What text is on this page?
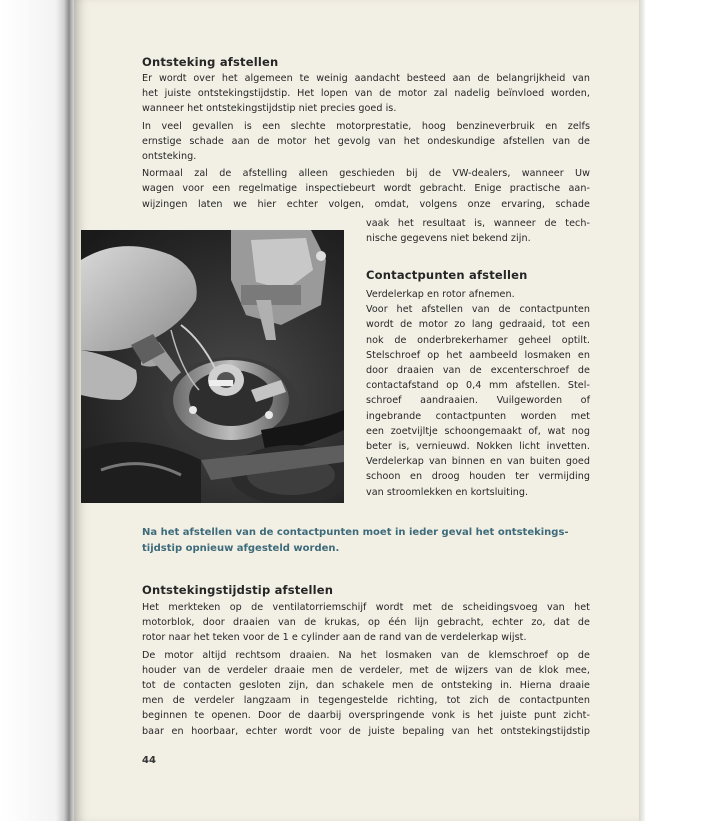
Ontsteking afstellen

Er wordt over het algemeen te weinig aandacht besteed aan de belangrijkheid van
het juiste ontstekingstijdstip. Het lopen van de motor zal nadelig beïnvloed worden,
wanneer het ontstekingstijdstip niet precies goed is.

In veel gevallen is een slechte motorprestatie, hoog benzineverbruik en zelfs
ernstige schade aan de motor het gevolg van het ondeskundige afstellen van de
ontsteking.

Normaal zal de afstelling alleen geschieden bij de VW-dealers, wanneer Uw
wagen voor een regelmatige inspectiebeurt wordt gebracht. Enige practische aan-
wijzingen laten we hier echter volgen, omdat, volgens onze ervaring, schade

vaak het resultaat is, wanneer de tech-
nische gegevens niet bekend zijn.
Contactpunten afstellen
Verdelerkap en rotor afnemen.
Voor het afstellen van de contactpunten
wordt de motor zo lang gedraaid, tot een
nok de onderbrekerhamer geheel optilt.
Stelschroef op het aambeeld losmaken en
door draaien van de excenterschroef de
contactafstand op 0,4 mm afstellen. Stel-
schroef aandraaien. Vuilgeworden of
ingebrande contactpunten worden met
een zoetvijltje schoongemaakt of, wat nog
beter is, vernieuwd. Nokken licht invetten.
Verdelerkap van binnen en van buiten goed
schoon en droog houden ter vermijding
van stroomlekken en kortsluiting.
Na het afstellen van de contactpunten moet in ieder geval het ontstekings-
tijdstip opnieuw afgesteld worden.
Ontstekingstijdstip afstellen

Het merkteken op de ventilatorriemschijf wordt met de scheidingsvoeg van het
motorblok, door draaien van de krukas, op één lijn gebracht, echter zo, dat de
rotor naar het teken voor de 1 e cylinder aan de rand van de verdelerkap wijst.

De motor altijd rechtsom draaien. Na het losmaken van de klemschroef op de
houder van de verdeler draaie men de verdeler, met de wijzers van de klok mee,
tot de contacten gesloten zijn, dan schakele men de ontsteking in. Hierna draaie
men de verdeler langzaam in tegengestelde richting, tot zich de contactpunten
beginnen te openen. Door de daarbij overspringende vonk is het juiste punt zicht-
baar en hoorbaar, echter wordt voor de juiste bepaling van het ontstekingstijdstip

44
